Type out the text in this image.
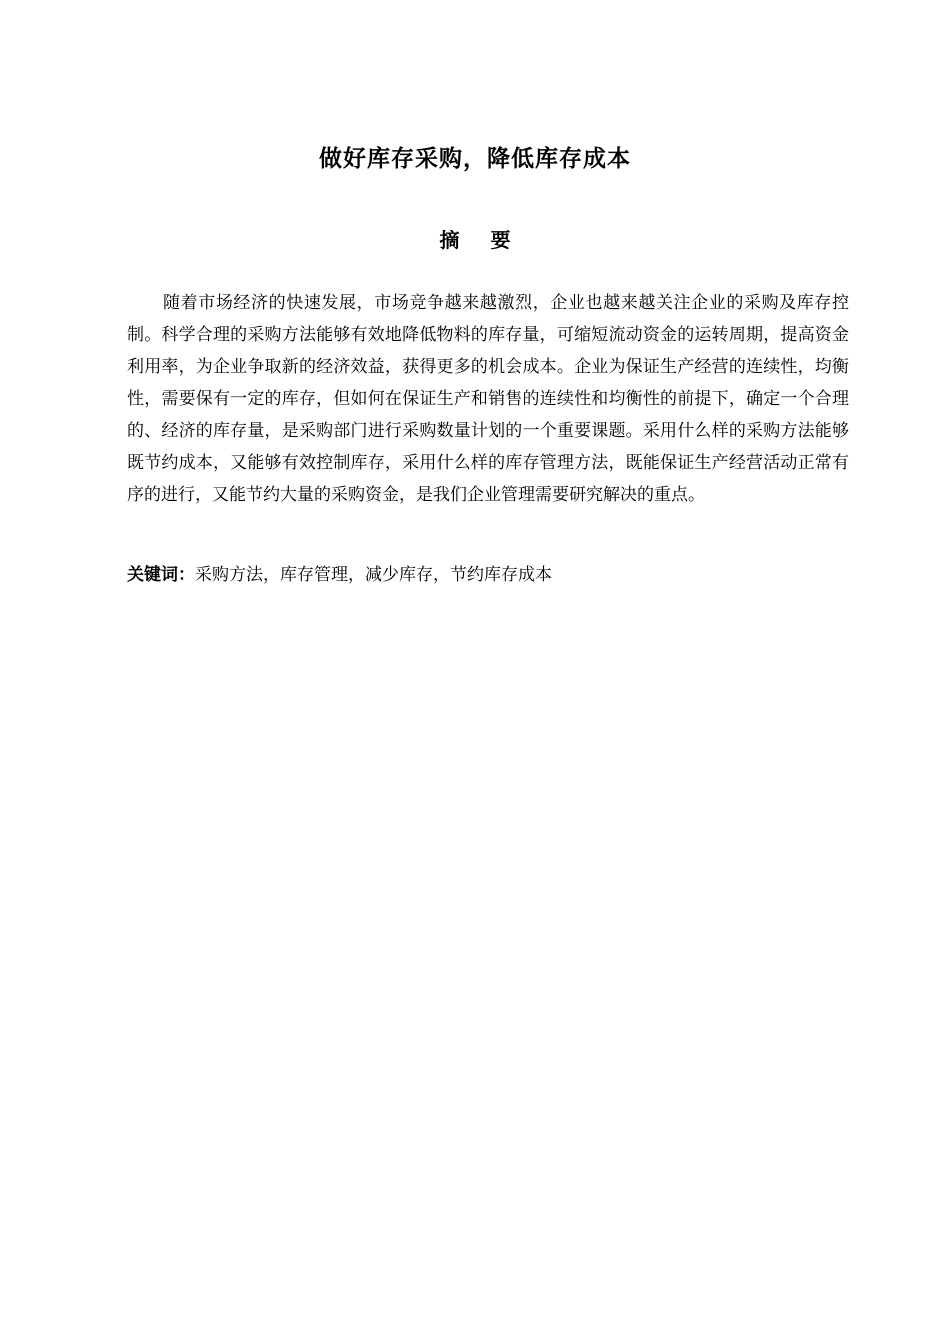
做好库存采购，降低库存成本
摘 要

随着市场经济的快速发展，市场竞争越来越激烈，企业也越来越关注企业的采购及库存控制。科学合理的采购方法能够有效地降低物料的库存量，可缩短流动资金的运转周期，提高资金利用率，为企业争取新的经济效益，获得更多的机会成本。企业为保证生产经营的连续性，均衡性，需要保有一定的库存，但如何在保证生产和销售的连续性和均衡性的前提下，确定一个合理的、经济的库存量，是采购部门进行采购数量计划的一个重要课题。采用什么样的采购方法能够既节约成本，又能够有效控制库存，采用什么样的库存管理方法，既能保证生产经营活动正常有序的进行，又能节约大量的采购资金，是我们企业管理需要研究解决的重点。

关键词：采购方法，库存管理，减少库存，节约库存成本
